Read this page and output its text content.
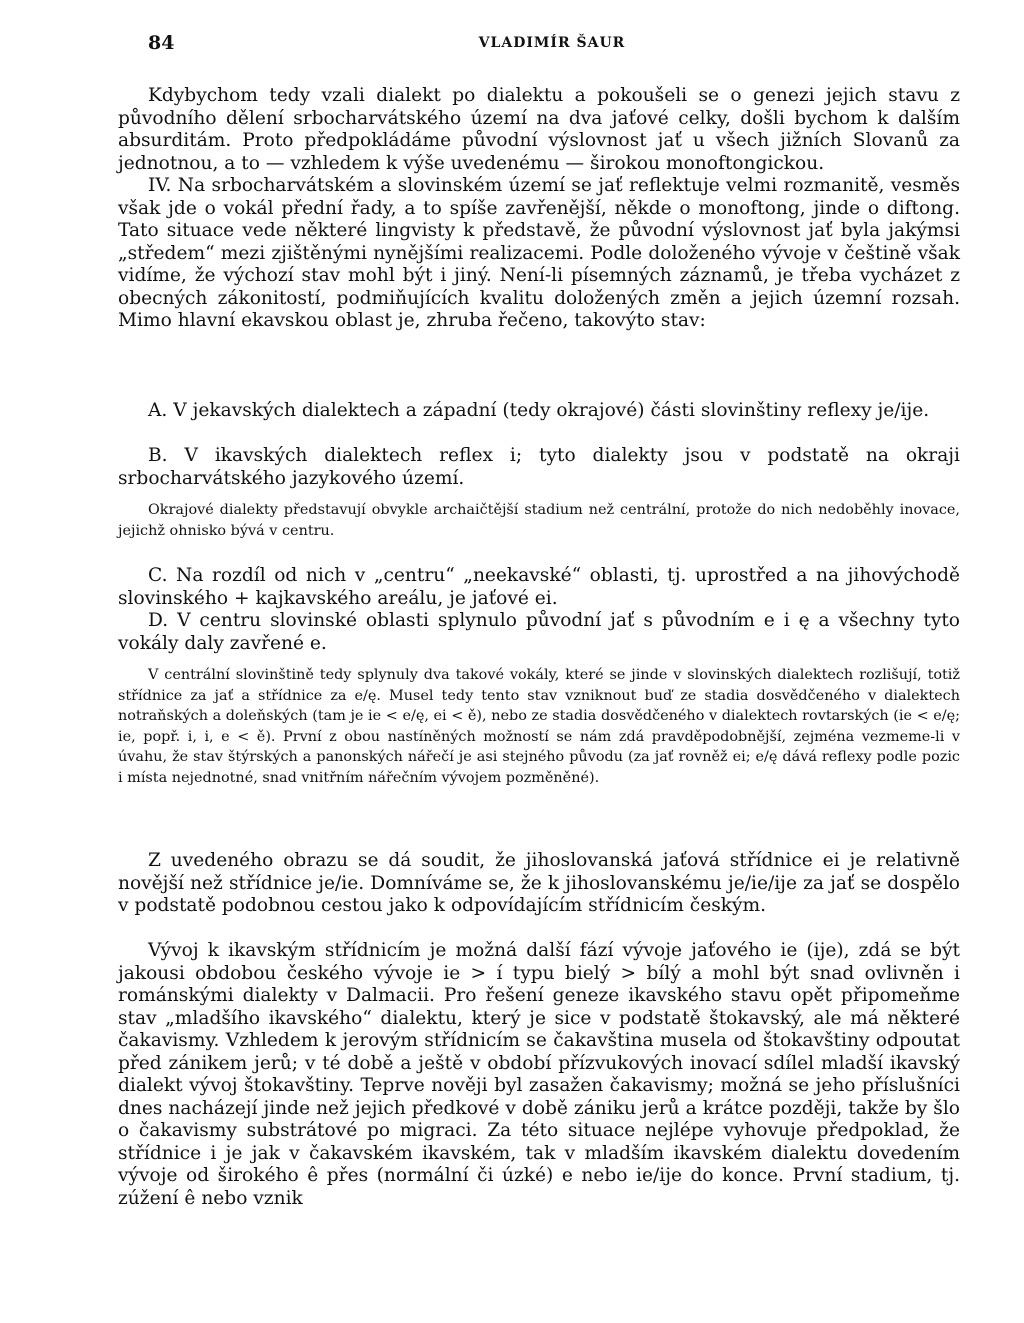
84	VLADIMÍR ŠAUR

Kdybychom tedy vzali dialekt po dialektu a pokoušeli se o genezi jejich stavu z původního dělení srbocharvátského území na dva jaťové celky, došli bychom k dalším absurditám. Proto předpokládáme původní výslovnost jať u všech jižních Slovanů za jednotnou, a to — vzhledem k výše uvedenému — širokou monoftongickou.

IV. Na srbocharvátském a slovinském území se jať reflektuje velmi rozmanitě, vesměs však jde o vokál přední řady, a to spíše zavřenější, někde o monoftong, jinde o diftong. Tato situace vede některé lingvisty k představě, že původní výslovnost jať byla jakýmsi „středem“ mezi zjištěnými nynějšími realizacemi. Podle doloženého vývoje v češtině však vidíme, že výchozí stav mohl být i jiný. Není-li písemných záznamů, je třeba vycházet z obecných zákonitostí, podmiňujících kvalitu doložených změn a jejich územní rozsah. Mimo hlavní ekavskou oblast je, zhruba řečeno, takovýto stav:

A. V jekavských dialektech a západní (tedy okrajové) části slovinštiny reflexy je/ije.

B. V ikavských dialektech reflex i; tyto dialekty jsou v podstatě na okraji srbocharvátského jazykového území.

Okrajové dialekty představují obvykle archaičtější stadium než centrální, protože do nich nedoběhly inovace, jejichž ohnisko bývá v centru.

C. Na rozdíl od nich v „centru“ „neekavské“ oblasti, tj. uprostřed a na jihovýchodě slovinského + kajkavského areálu, je jaťové ei.

D. V centru slovinské oblasti splynulo původní jať s původním e i ę a všechny tyto vokály daly zavřené e.

V centrální slovinštině tedy splynuly dva takové vokály, které se jinde v slovinských dialektech rozlišují, totiž střídnice za jať a střídnice za e/ę. Musel tedy tento stav vzniknout buď ze stadia dosvědčeného v dialektech notraňských a doleňských (tam je ie < e/ę, ei < ě), nebo ze stadia dosvědčeného v dialektech rovtarských (ie < e/ę; ie, popř. i, i, e < ě). První z obou nastíněných možností se nám zdá pravděpodobnější, zejména vezmeme-li v úvahu, že stav štýrských a panonských nářečí je asi stejného původu (za jať rovněž ei; e/ę dává reflexy podle pozic i místa nejednotné, snad vnitřním nářečním vývojem pozměněné).

Z uvedeného obrazu se dá soudit, že jihoslovanská jaťová střídnice ei je relativně novější než střídnice je/ie. Domníváme se, že k jihoslovanskému je/ie/ije za jať se dospělo v podstatě podobnou cestou jako k odpovídajícím střídnicím českým.

Vývoj k ikavským střídnicím je možná další fází vývoje jaťového ie (ije), zdá se být jakousi obdobou českého vývoje ie > í typu bielý > bílý a mohl být snad ovlivněn i románskými dialekty v Dalmacii. Pro řešení geneze ikavského stavu opět připomeňme stav „mladšího ikavského“ dialektu, který je sice v podstatě štokavský, ale má některé čakavismy. Vzhledem k jerovým střídnicím se čakavština musela od štokavštiny odpoutat před zánikem jerů; v té době a ještě v období přízvukových inovací sdílel mladší ikavský dialekt vývoj štokavštiny. Teprve nověji byl zasažen čakavismy; možná se jeho příslušníci dnes nacházejí jinde než jejich předkové v době zániku jerů a krátce později, takže by šlo o čakavismy substrátové po migraci. Za této situace nejlépe vyhovuje předpoklad, že střídnice i je jak v čakavském ikavském, tak v mladším ikavském dialektu dovedením vývoje od širokého ê přes (normální či úzké) e nebo ie/ije do konce. První stadium, tj. zúžení ê nebo vznik
